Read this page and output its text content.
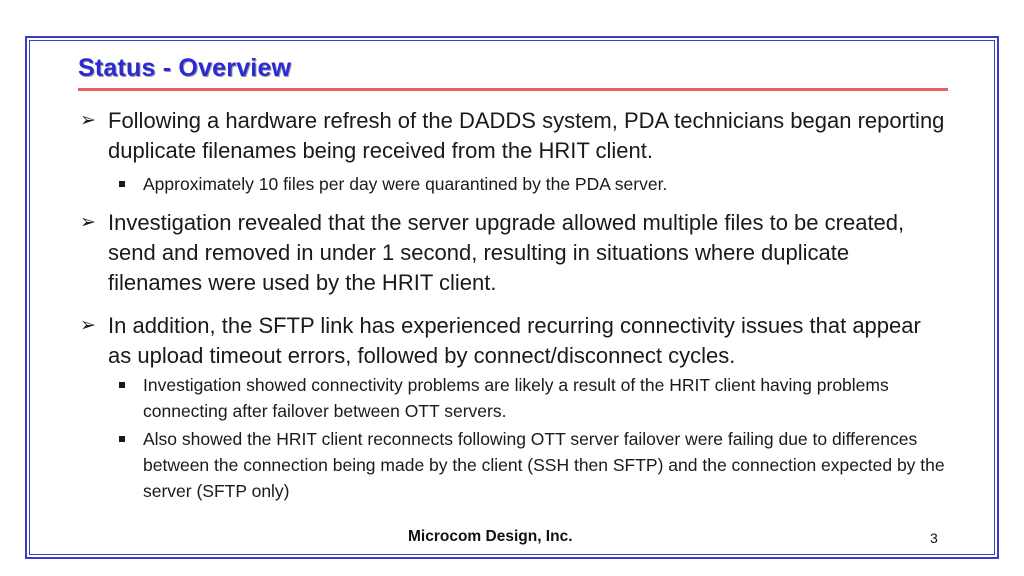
Status - Overview
➢ Following a hardware refresh of the DADDS system, PDA technicians began reporting duplicate filenames being received from the HRIT client.
Approximately 10 files per day were quarantined by the PDA server.
➢ Investigation revealed that the server upgrade allowed multiple files to be created, send and removed in under 1 second, resulting in situations where duplicate filenames were used by the HRIT client.
➢ In addition, the SFTP link has experienced recurring connectivity issues that appear as upload timeout errors, followed by connect/disconnect cycles.
Investigation showed connectivity problems are likely a result of the HRIT client having problems connecting after failover between OTT servers.
Also showed the HRIT client reconnects following OTT server failover were failing due to differences between the connection being made by the client (SSH then SFTP) and the connection expected by the server (SFTP only)
Microcom Design, Inc.	3
